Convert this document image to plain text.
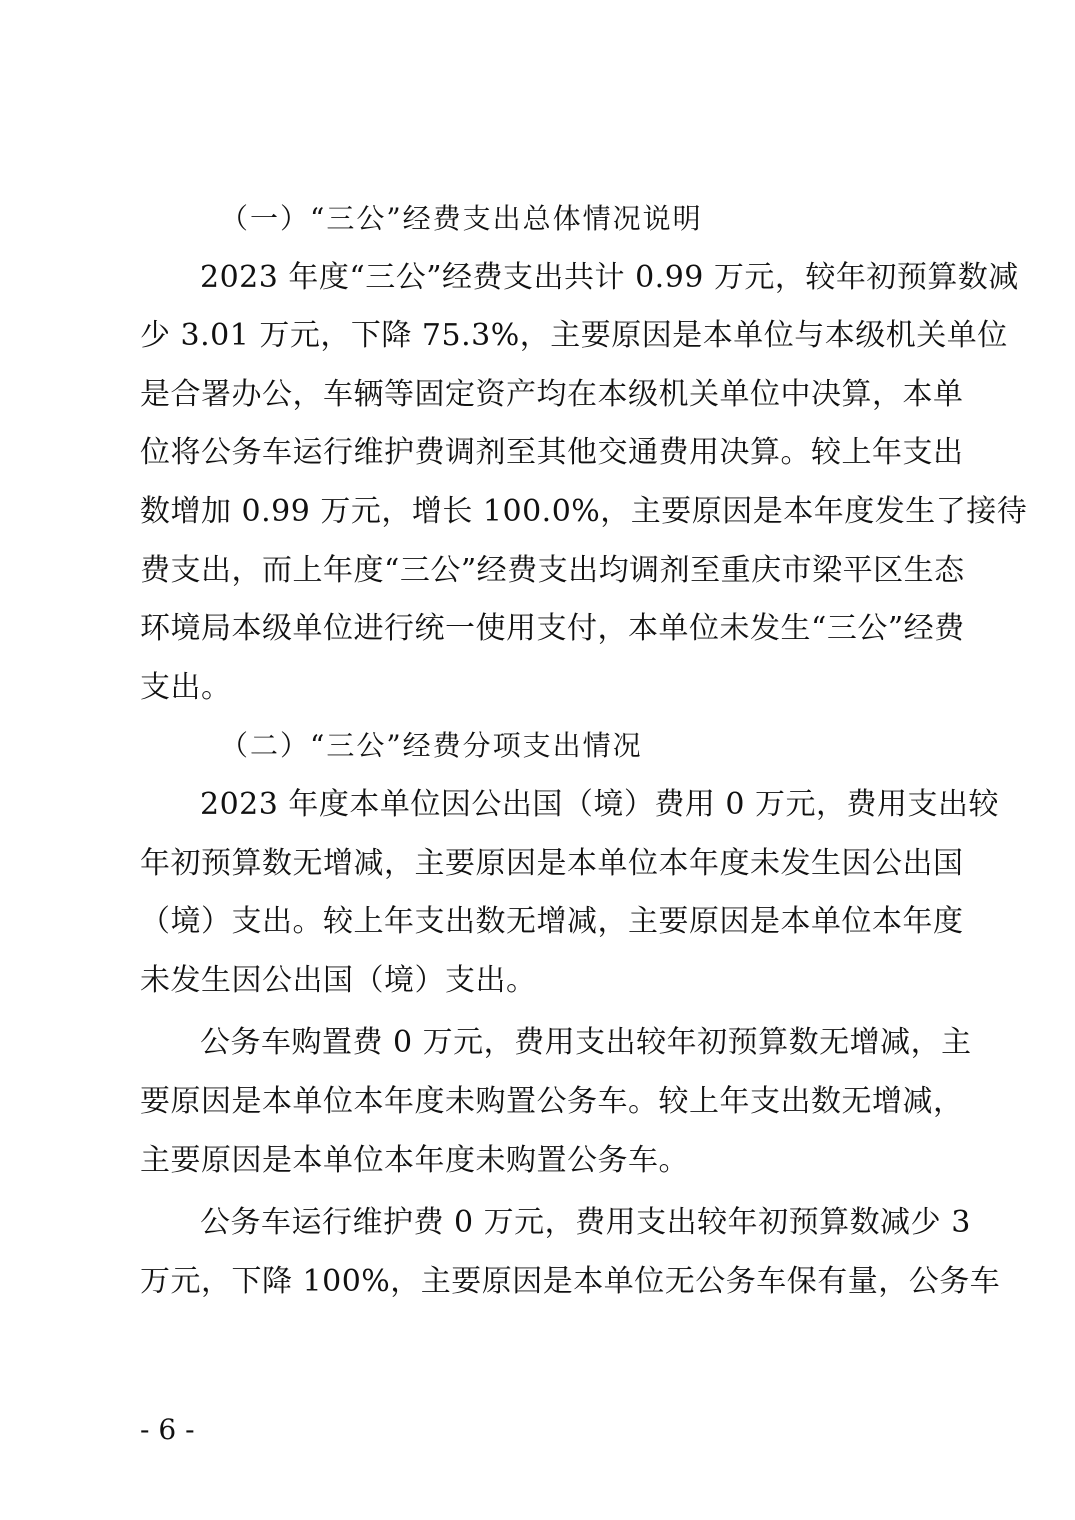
（一）“三公”经费支出总体情况说明
2023 年度“三公”经费支出共计 0.99 万元，较年初预算数减
少 3.01 万元，下降 75.3%，主要原因是本单位与本级机关单位
是合署办公，车辆等固定资产均在本级机关单位中决算，本单
位将公务车运行维护费调剂至其他交通费用决算。较上年支出
数增加 0.99 万元，增长 100.0%，主要原因是本年度发生了接待
费支出，而上年度“三公”经费支出均调剂至重庆市梁平区生态
环境局本级单位进行统一使用支付，本单位未发生“三公”经费
支出。
（二）“三公”经费分项支出情况
2023 年度本单位因公出国（境）费用 0 万元，费用支出较
年初预算数无增减，主要原因是本单位本年度未发生因公出国
（境）支出。较上年支出数无增减，主要原因是本单位本年度
未发生因公出国（境）支出。
公务车购置费 0 万元，费用支出较年初预算数无增减，主
要原因是本单位本年度未购置公务车。较上年支出数无增减，
主要原因是本单位本年度未购置公务车。
公务车运行维护费 0 万元，费用支出较年初预算数减少 3
万元，下降 100%，主要原因是本单位无公务车保有量，公务车
- 6 -
